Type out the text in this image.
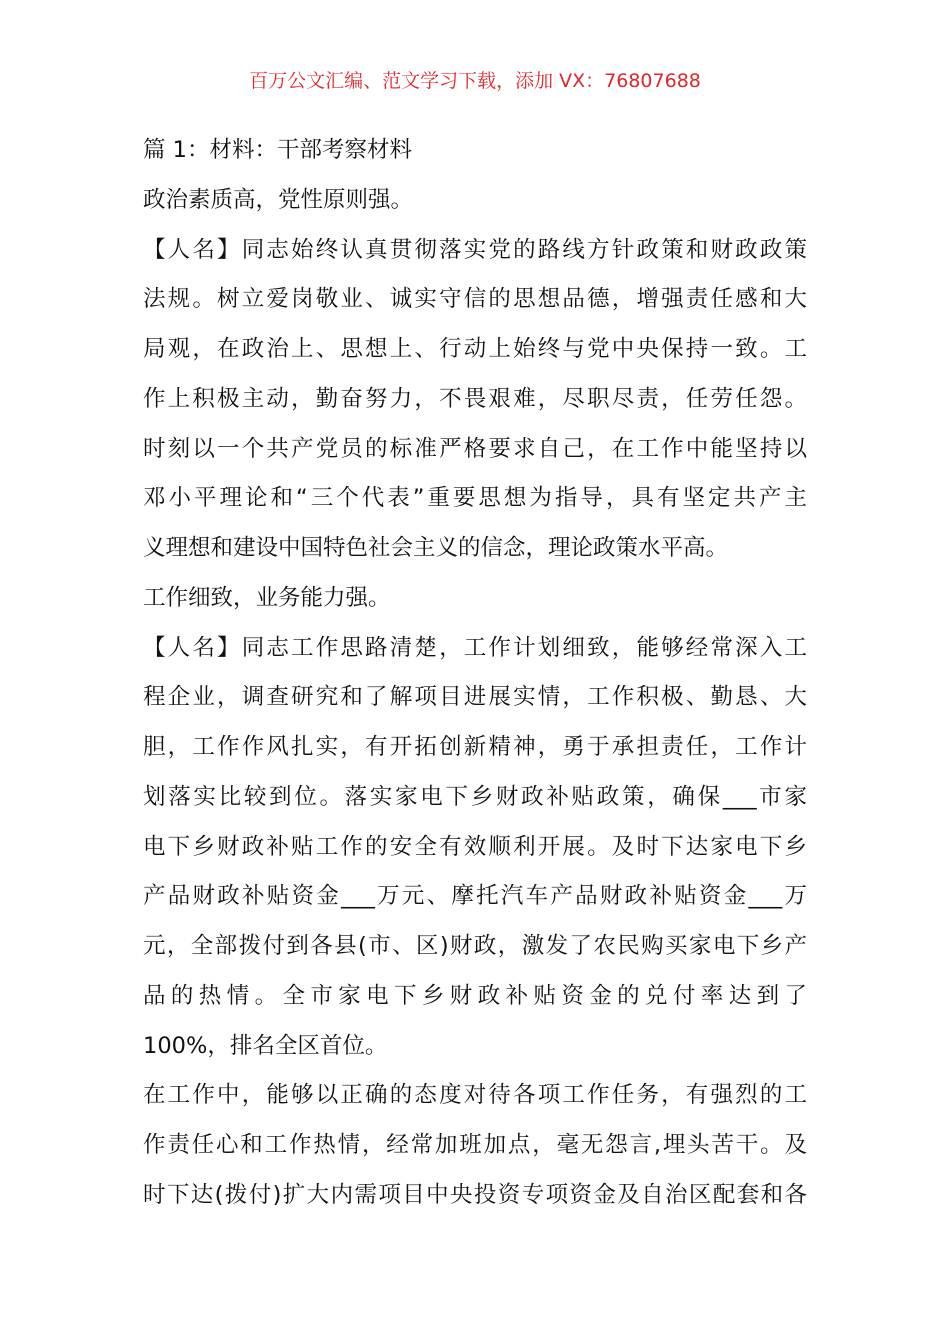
百万公文汇编、范文学习下载，添加 VX：76807688
篇 1：材料：干部考察材料
政治素质高，党性原则强。
【人名】同志始终认真贯彻落实党的路线方针政策和财政政策
法规。树立爱岗敬业、诚实守信的思想品德，增强责任感和大
局观，在政治上、思想上、行动上始终与党中央保持一致。工
作上积极主动，勤奋努力，不畏艰难，尽职尽责，任劳任怨。
时刻以一个共产党员的标准严格要求自己，在工作中能坚持以
邓小平理论和“三个代表”重要思想为指导，具有坚定共产主
义理想和建设中国特色社会主义的信念，理论政策水平高。
工作细致，业务能力强。
【人名】同志工作思路清楚，工作计划细致，能够经常深入工
程企业，调查研究和了解项目进展实情，工作积极、勤恳、大
胆，工作作风扎实，有开拓创新精神，勇于承担责任，工作计
划落实比较到位。落实家电下乡财政补贴政策，确保___市家
电下乡财政补贴工作的安全有效顺利开展。及时下达家电下乡
产品财政补贴资金___万元、摩托汽车产品财政补贴资金___万
元，全部拨付到各县(市、区)财政，激发了农民购买家电下乡产
品的热情。全市家电下乡财政补贴资金的兑付率达到了
100%，排名全区首位。
在工作中，能够以正确的态度对待各项工作任务，有强烈的工
作责任心和工作热情，经常加班加点，毫无怨言,埋头苦干。及
时下达(拨付)扩大内需项目中央投资专项资金及自治区配套和各
